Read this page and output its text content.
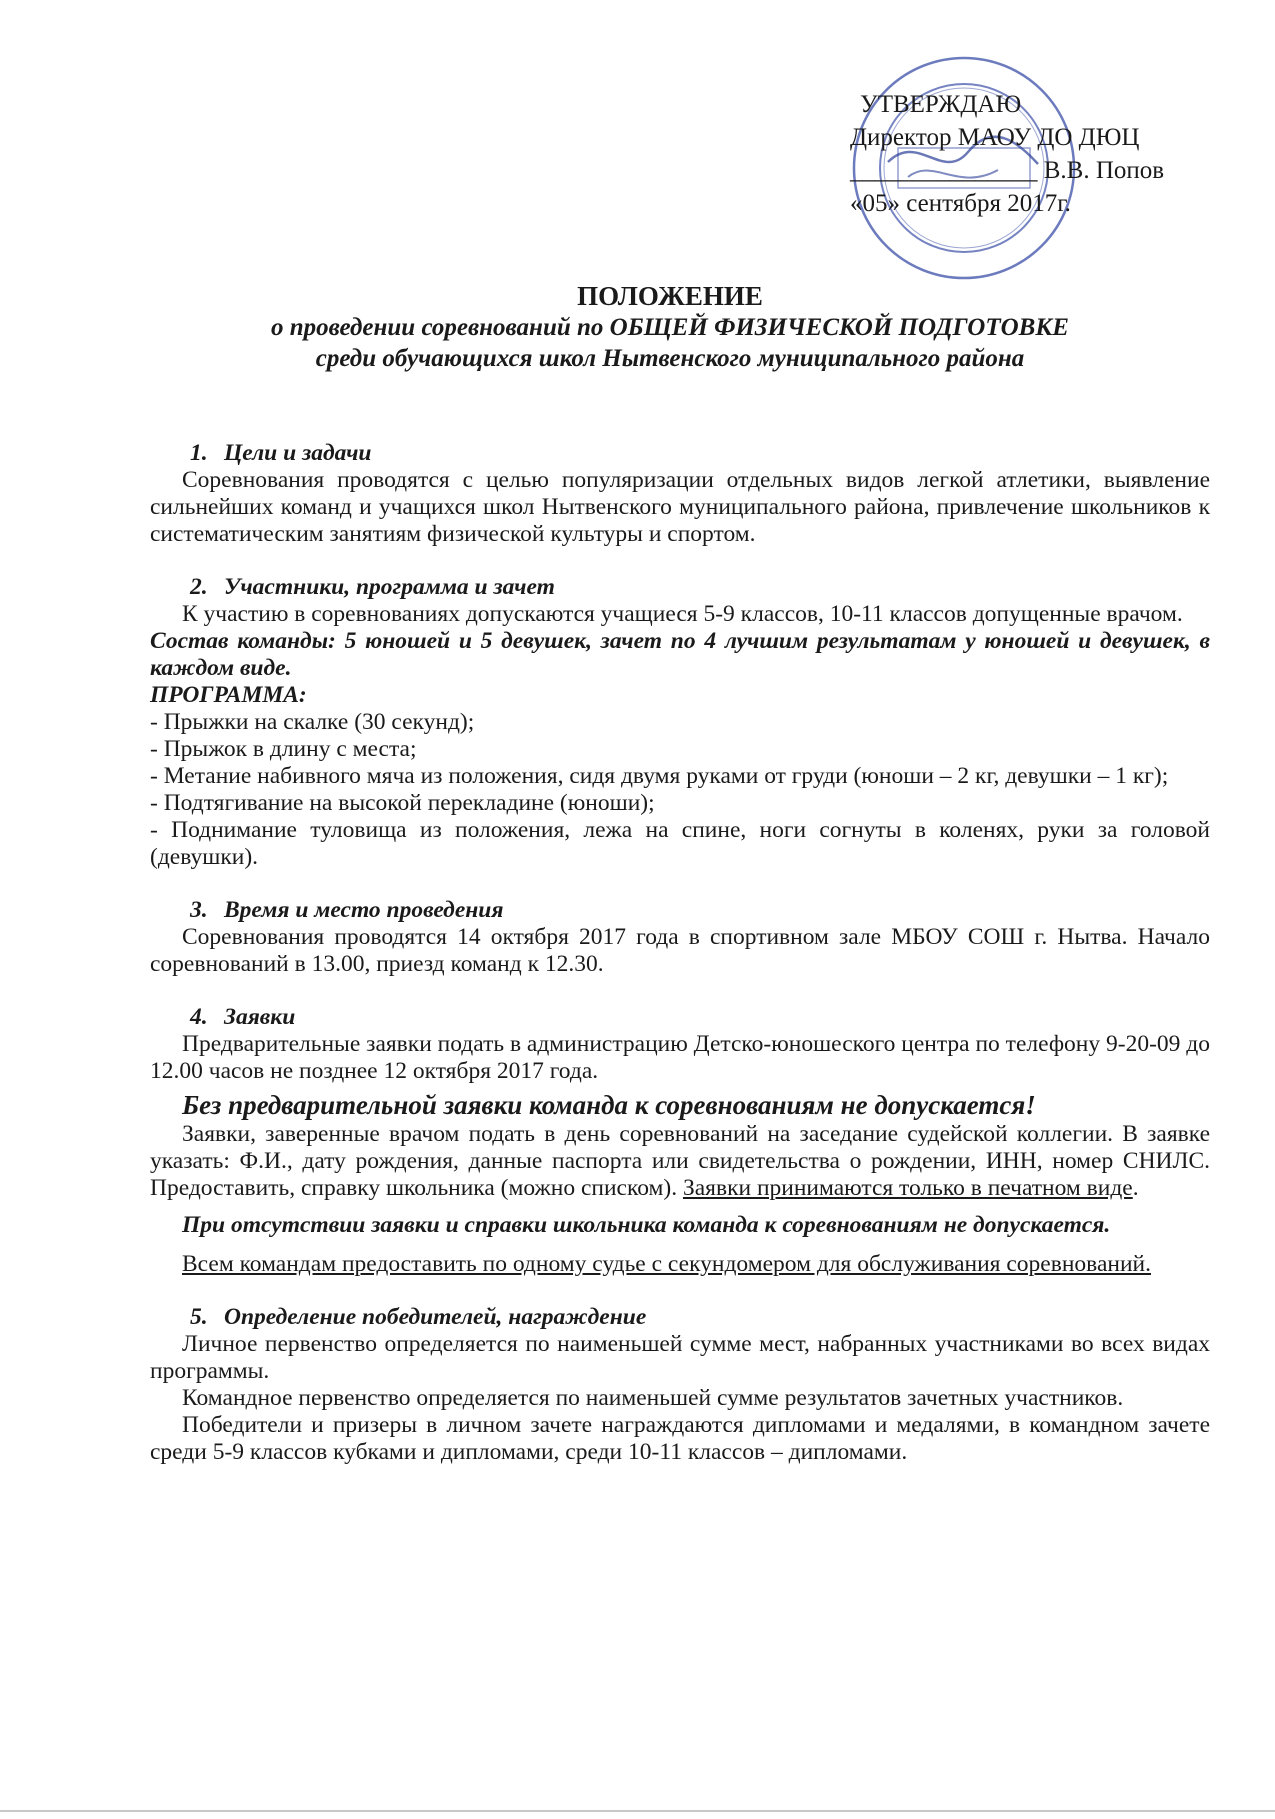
УТВЕРЖДАЮ
Директор МАОУ ДО ДЮЦ
_______________ В.В. Попов
«05» сентября 2017г.
ПОЛОЖЕНИЕ
о проведении соревнований по ОБЩЕЙ ФИЗИЧЕСКОЙ ПОДГОТОВКЕ
среди обучающихся школ Нытвенского муниципального района
1. Цели и задачи

Соревнования проводятся с целью популяризации отдельных видов легкой атлетики, выявление сильнейших команд и учащихся школ Нытвенского муниципального района, привлечение школьников к систематическим занятиям физической культуры и спортом.

2. Участники, программа и зачет

К участию в соревнованиях допускаются учащиеся 5-9 классов, 10-11 классов допущенные врачом.

Состав команды: 5 юношей и 5 девушек, зачет по 4 лучшим результатам у юношей и девушек, в каждом виде.

ПРОГРАММА:

- Прыжки на скалке (30 секунд);

- Прыжок в длину с места;

- Метание набивного мяча из положения, сидя двумя руками от груди (юноши – 2 кг, девушки – 1 кг);

- Подтягивание на высокой перекладине (юноши);

- Поднимание туловища из положения, лежа на спине, ноги согнуты в коленях, руки за головой (девушки).

3. Время и место проведения

Соревнования проводятся 14 октября 2017 года в спортивном зале МБОУ СОШ г. Нытва. Начало соревнований в 13.00, приезд команд к 12.30.

4. Заявки

Предварительные заявки подать в администрацию Детско-юношеского центра по телефону 9-20-09 до 12.00 часов не позднее 12 октября 2017 года.

Без предварительной заявки команда к соревнованиям не допускается!

Заявки, заверенные врачом подать в день соревнований на заседание судейской коллегии. В заявке указать: Ф.И., дату рождения, данные паспорта или свидетельства о рождении, ИНН, номер СНИЛС. Предоставить, справку школьника (можно списком). Заявки принимаются только в печатном виде.

При отсутствии заявки и справки школьника команда к соревнованиям не допускается.

Всем командам предоставить по одному судье с секундомером для обслуживания соревнований.

5. Определение победителей, награждение

Личное первенство определяется по наименьшей сумме мест, набранных участниками во всех видах программы.

Командное первенство определяется по наименьшей сумме результатов зачетных участников.

Победители и призеры в личном зачете награждаются дипломами и медалями, в командном зачете среди 5-9 классов кубками и дипломами, среди 10-11 классов – дипломами.
